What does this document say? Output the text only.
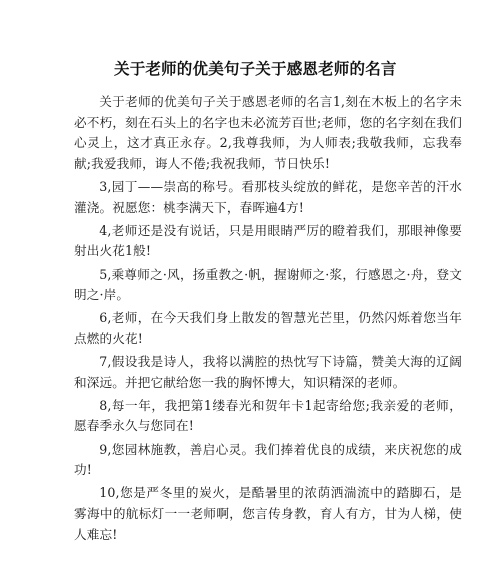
关于老师的优美句子关于感恩老师的名言

关于老师的优美句子关于感恩老师的名言1,刻在木板上的名字未必不朽，刻在石头上的名字也未必流芳百世;老师，您的名字刻在我们心灵上，这才真正永存。2,我尊我师，为人师表;我敬我师，忘我奉献;我爱我师，诲人不倦;我祝我师，节日快乐!

3,园丁——崇高的称号。看那枝头绽放的鲜花，是您辛苦的汗水灌浇。祝愿您：桃李满天下，春晖遍4方!

4,老师还是没有说话，只是用眼睛严厉的瞪着我们，那眼神像要射出火花1般!

5,乘尊师之·风，扬重教之·帆，握谢师之·浆，行感恩之·舟，登文明之·岸。

6,老师，在今天我们身上散发的智慧光芒里，仍然闪烁着您当年点燃的火花!

7,假设我是诗人，我将以满腔的热忱写下诗篇，赞美大海的辽阔和深远。并把它献给您一我的胸怀博大，知识精深的老师。

8,每一年，我把第1缕春光和贺年卡1起寄给您;我亲爱的老师，愿春季永久与您同在!

9,您园林施教，善启心灵。我们捧着优良的成绩，来庆祝您的成功!

10,您是严冬里的炭火，是酷暑里的浓荫洒湍流中的踏脚石，是雾海中的航标灯一一老师啊，您言传身教，育人有方，甘为人梯，使人难忘!
